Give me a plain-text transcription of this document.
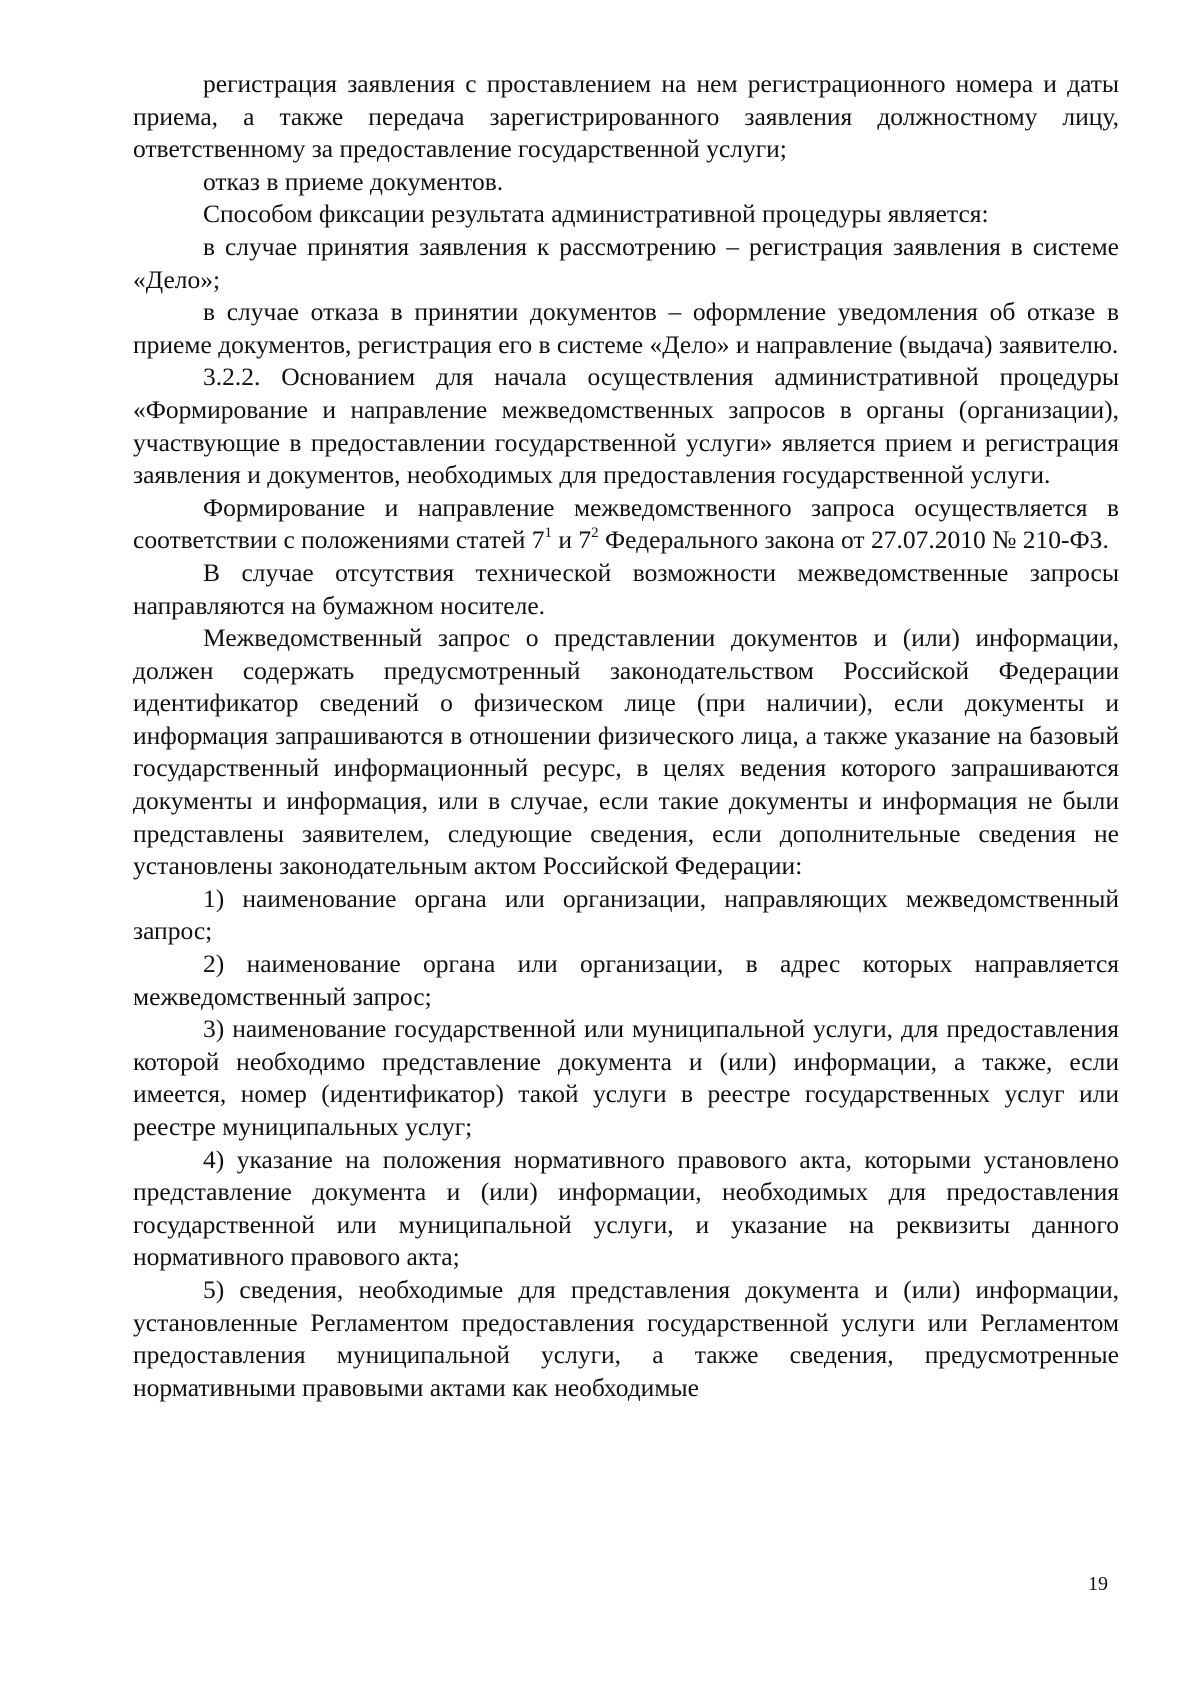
регистрация заявления с проставлением на нем регистрационного номера и даты приема, а также передача зарегистрированного заявления должностному лицу, ответственному за предоставление государственной услуги;

отказ в приеме документов.

Способом фиксации результата административной процедуры является:

в случае принятия заявления к рассмотрению – регистрация заявления в системе «Дело»;

в случае отказа в принятии документов – оформление уведомления об отказе в приеме документов, регистрация его в системе «Дело» и направление (выдача) заявителю.

3.2.2. Основанием для начала осуществления административной процедуры «Формирование и направление межведомственных запросов в органы (организации), участвующие в предоставлении государственной услуги» является прием и регистрация заявления и документов, необходимых для предоставления государственной услуги.

Формирование и направление межведомственного запроса осуществляется в соответствии с положениями статей $7^1$ и $7^2$ Федерального закона от 27.07.2010 № 210-ФЗ.

В случае отсутствия технической возможности межведомственные запросы направляются на бумажном носителе.

Межведомственный запрос о представлении документов и (или) информации, должен содержать предусмотренный законодательством Российской Федерации идентификатор сведений о физическом лице (при наличии), если документы и информация запрашиваются в отношении физического лица, а также указание на базовый государственный информационный ресурс, в целях ведения которого запрашиваются документы и информация, или в случае, если такие документы и информация не были представлены заявителем, следующие сведения, если дополнительные сведения не установлены законодательным актом Российской Федерации:

1) наименование органа или организации, направляющих межведомственный запрос;

2) наименование органа или организации, в адрес которых направляется межведомственный запрос;

3) наименование государственной или муниципальной услуги, для предоставления которой необходимо представление документа и (или) информации, а также, если имеется, номер (идентификатор) такой услуги в реестре государственных услуг или реестре муниципальных услуг;

4) указание на положения нормативного правового акта, которыми установлено представление документа и (или) информации, необходимых для предоставления государственной или муниципальной услуги, и указание на реквизиты данного нормативного правового акта;

5) сведения, необходимые для представления документа и (или) информации, установленные Регламентом предоставления государственной услуги или Регламентом предоставления муниципальной услуги, а также сведения, предусмотренные нормативными правовыми актами как необходимые

19
